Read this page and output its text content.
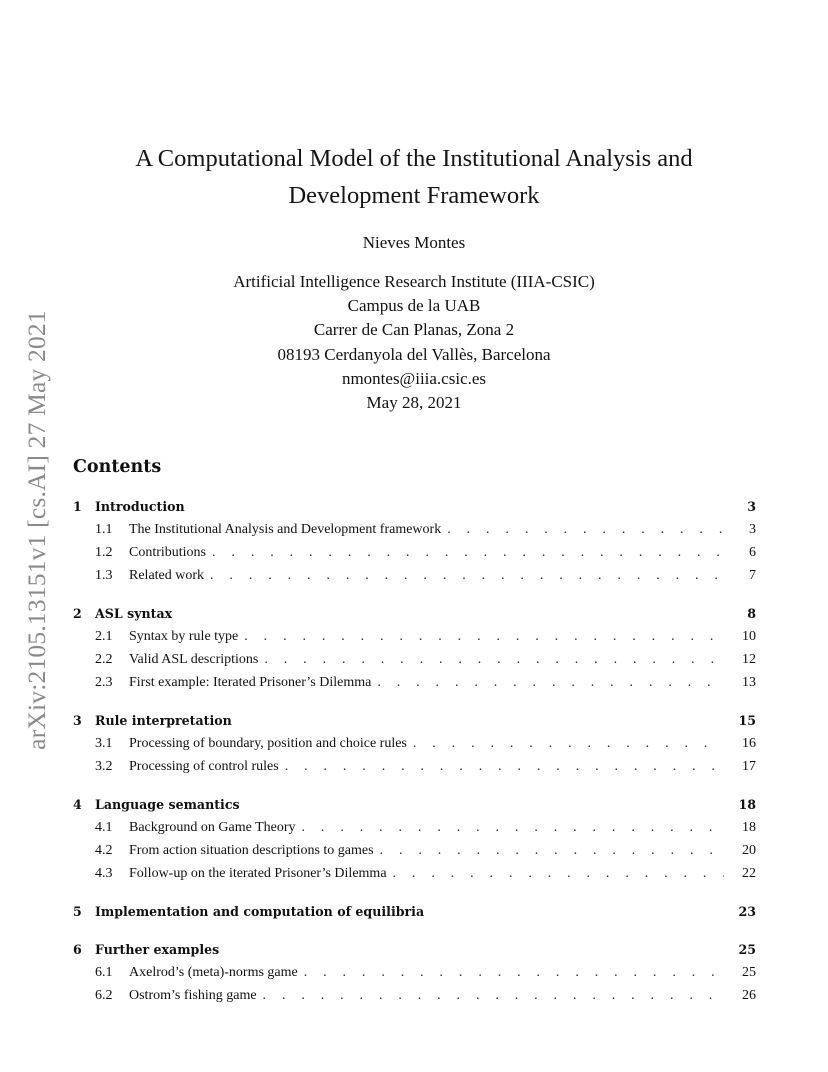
arXiv:2105.13151v1 [cs.AI] 27 May 2021
A Computational Model of the Institutional Analysis and
Development Framework
Nieves Montes
Artificial Intelligence Research Institute (IIIA-CSIC)
Campus de la UAB
Carrer de Can Planas, Zona 2
08193 Cerdanyola del Vallès, Barcelona
nmontes@iiia.csic.es
May 28, 2021
Contents
1	Introduction	3
1.1	The Institutional Analysis and Development framework . . .	3
1.2	Contributions . . .	6
1.3	Related work . . .	7
2	ASL syntax	8
2.1	Syntax by rule type . . .	10
2.2	Valid ASL descriptions . . .	12
2.3	First example: Iterated Prisoner’s Dilemma . . .	13
3	Rule interpretation	15
3.1	Processing of boundary, position and choice rules . . .	16
3.2	Processing of control rules . . .	17
4	Language semantics	18
4.1	Background on Game Theory . . .	18
4.2	From action situation descriptions to games . . .	20
4.3	Follow-up on the iterated Prisoner’s Dilemma . . .	22
5	Implementation and computation of equilibria	23
6	Further examples	25
6.1	Axelrod’s (meta)-norms game . . .	25
6.2	Ostrom’s fishing game . . .	26
